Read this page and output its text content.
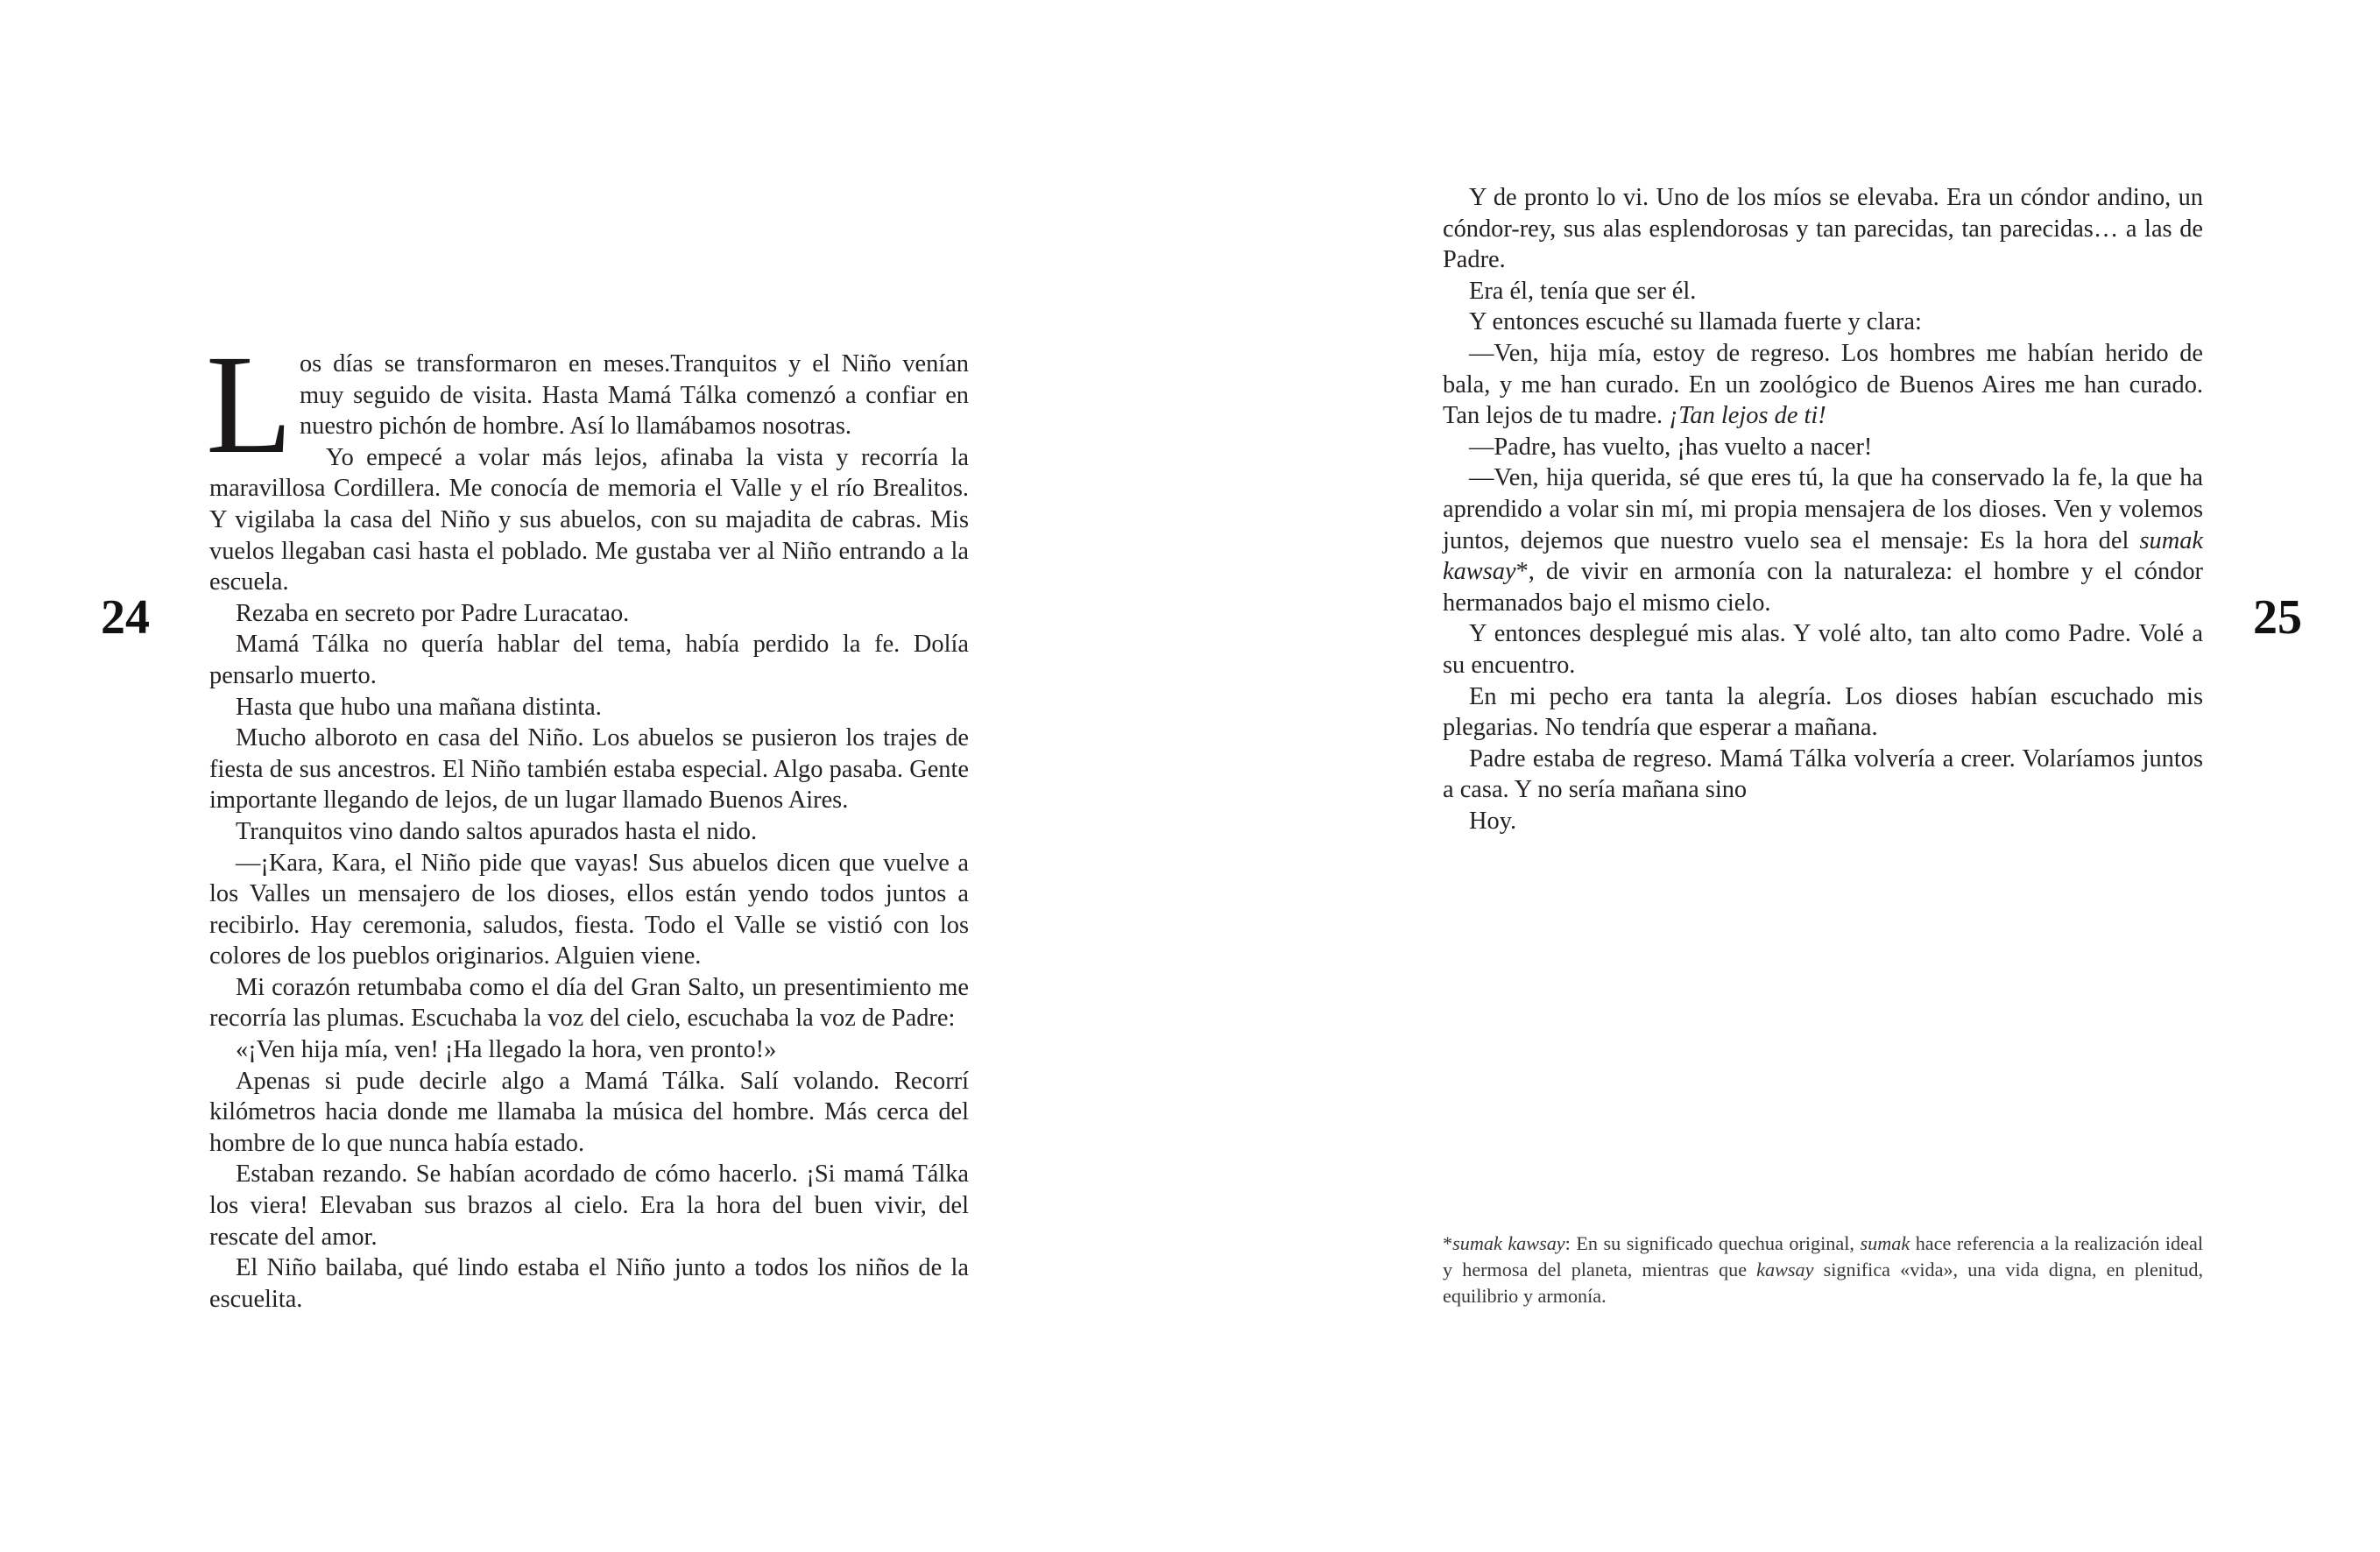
24

Los días se transformaron en meses.Tranquitos y el Niño venían muy seguido de visita. Hasta Mamá Tálka comenzó a confiar en nuestro pichón de hombre. Así lo llamábamos nosotras.

Yo empecé a volar más lejos, afinaba la vista y recorría la maravillosa Cordillera. Me conocía de memoria el Valle y el río Brealitos. Y vigilaba la casa del Niño y sus abuelos, con su majadita de cabras. Mis vuelos llegaban casi hasta el poblado. Me gustaba ver al Niño entrando a la escuela.

Rezaba en secreto por Padre Luracatao.

Mamá Tálka no quería hablar del tema, había perdido la fe. Dolía pensarlo muerto.

Hasta que hubo una mañana distinta.

Mucho alboroto en casa del Niño. Los abuelos se pusieron los trajes de fiesta de sus ancestros. El Niño también estaba especial. Algo pasaba. Gente importante llegando de lejos, de un lugar llamado Buenos Aires.

Tranquitos vino dando saltos apurados hasta el nido.

—¡Kara, Kara, el Niño pide que vayas! Sus abuelos dicen que vuelve a los Valles un mensajero de los dioses, ellos están yendo todos juntos a recibirlo. Hay ceremonia, saludos, fiesta. Todo el Valle se vistió con los colores de los pueblos originarios. Alguien viene.

Mi corazón retumbaba como el día del Gran Salto, un presentimiento me recorría las plumas. Escuchaba la voz del cielo, escuchaba la voz de Padre:

«¡Ven hija mía, ven! ¡Ha llegado la hora, ven pronto!»

Apenas si pude decirle algo a Mamá Tálka. Salí volando. Recorrí kilómetros hacia donde me llamaba la música del hombre. Más cerca del hombre de lo que nunca había estado.

Estaban rezando. Se habían acordado de cómo hacerlo. ¡Si mamá Tálka los viera! Elevaban sus brazos al cielo. Era la hora del buen vivir, del rescate del amor.

El Niño bailaba, qué lindo estaba el Niño junto a todos los niños de la escuelita.

Y de pronto lo vi. Uno de los míos se elevaba. Era un cóndor andino, un cóndor-rey, sus alas esplendorosas y tan parecidas, tan parecidas… a las de Padre.

Era él, tenía que ser él.

Y entonces escuché su llamada fuerte y clara:

—Ven, hija mía, estoy de regreso. Los hombres me habían herido de bala, y me han curado. En un zoológico de Buenos Aires me han curado. Tan lejos de tu madre. ¡Tan lejos de ti!

—Padre, has vuelto, ¡has vuelto a nacer!

—Ven, hija querida, sé que eres tú, la que ha conservado la fe, la que ha aprendido a volar sin mí, mi propia mensajera de los dioses. Ven y volemos juntos, dejemos que nuestro vuelo sea el mensaje: Es la hora del sumak kawsay*, de vivir en armonía con la naturaleza: el hombre y el cóndor hermanados bajo el mismo cielo.

Y entonces desplegué mis alas. Y volé alto, tan alto como Padre. Volé a su encuentro.

En mi pecho era tanta la alegría. Los dioses habían escuchado mis plegarias. No tendría que esperar a mañana.

Padre estaba de regreso. Mamá Tálka volvería a creer. Volaríamos juntos a casa. Y no sería mañana sino

Hoy.

*sumak kawsay: En su significado quechua original, sumak hace referencia a la realización ideal y hermosa del planeta, mientras que kawsay significa «vida», una vida digna, en plenitud, equilibrio y armonía.

25
